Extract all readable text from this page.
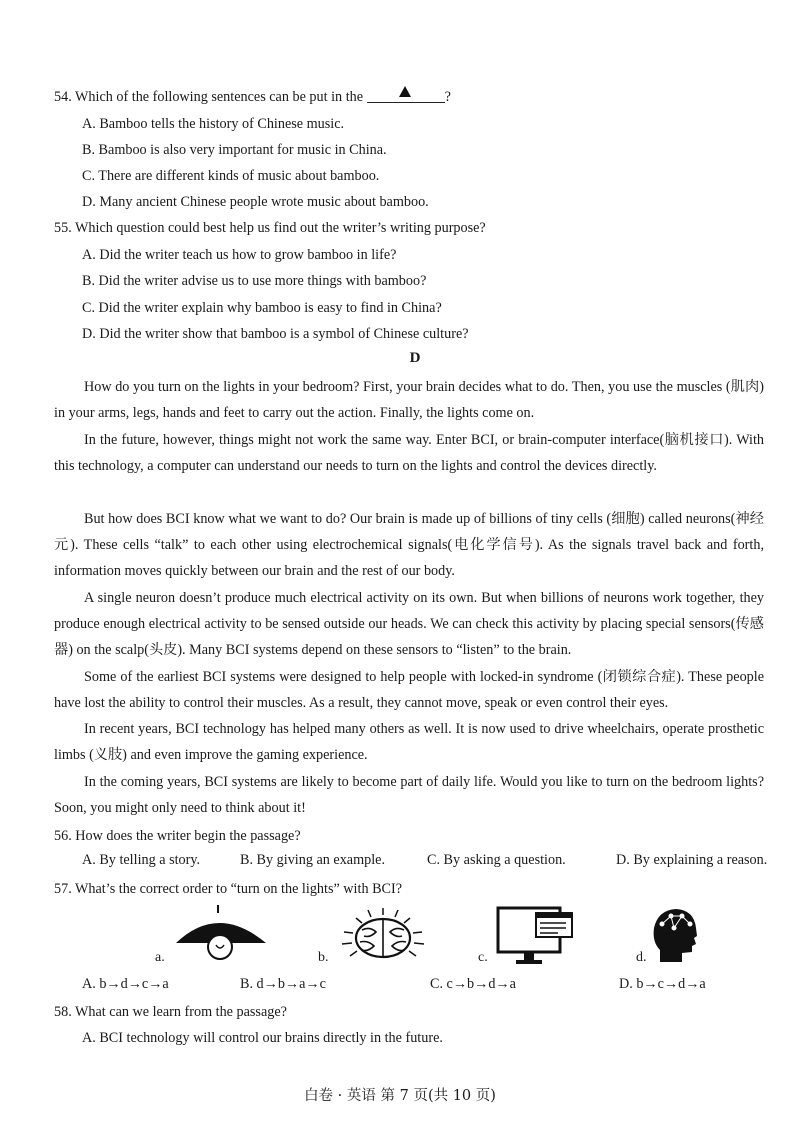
54. Which of the following sentences can be put in the	?
A. Bamboo tells the history of Chinese music.
B. Bamboo is also very important for music in China.
C. There are different kinds of music about bamboo.
D. Many ancient Chinese people wrote music about bamboo.
55. Which question could best help us find out the writer’s writing purpose?
A. Did the writer teach us how to grow bamboo in life?
B. Did the writer advise us to use more things with bamboo?
C. Did the writer explain why bamboo is easy to find in China?
D. Did the writer show that bamboo is a symbol of Chinese culture?
D
How do you turn on the lights in your bedroom? First, your brain decides what to do. Then, you use the muscles (肌肉) in your arms, legs, hands and feet to carry out the action. Finally, the lights come on.
In the future, however, things might not work the same way. Enter BCI, or brain-computer interface(脑机接口). With this technology, a computer can understand our needs to turn on the lights and control the devices directly.
But how does BCI know what we want to do? Our brain is made up of billions of tiny cells (细胞) called neurons(神经元). These cells “talk” to each other using electrochemical signals(电化学信号). As the signals travel back and forth, information moves quickly between our brain and the rest of our body.
A single neuron doesn’t produce much electrical activity on its own. But when billions of neurons work together, they produce enough electrical activity to be sensed outside our heads. We can check this activity by placing special sensors(传感器) on the scalp(头皮). Many BCI systems depend on these sensors to “listen” to the brain.
Some of the earliest BCI systems were designed to help people with locked-in syndrome (闭锁综合症). These people have lost the ability to control their muscles. As a result, they cannot move, speak or even control their eyes.
In recent years, BCI technology has helped many others as well. It is now used to drive wheelchairs, operate prosthetic limbs (义肢) and even improve the gaming experience.
In the coming years, BCI systems are likely to become part of daily life. Would you like to turn on the bedroom lights? Soon, you might only need to think about it!
56. How does the writer begin the passage?
A. By telling a story.	B. By giving an example.	C. By asking a question.	D. By explaining a reason.
57. What’s the correct order to “turn on the lights” with BCI?
a.	b.	c.	d.
A. b→d→c→a	B. d→b→a→c	C. c→b→d→a	D. b→c→d→a
58. What can we learn from the passage?
A. BCI technology will control our brains directly in the future.
白卷 · 英语 第 7 页(共 10 页)
